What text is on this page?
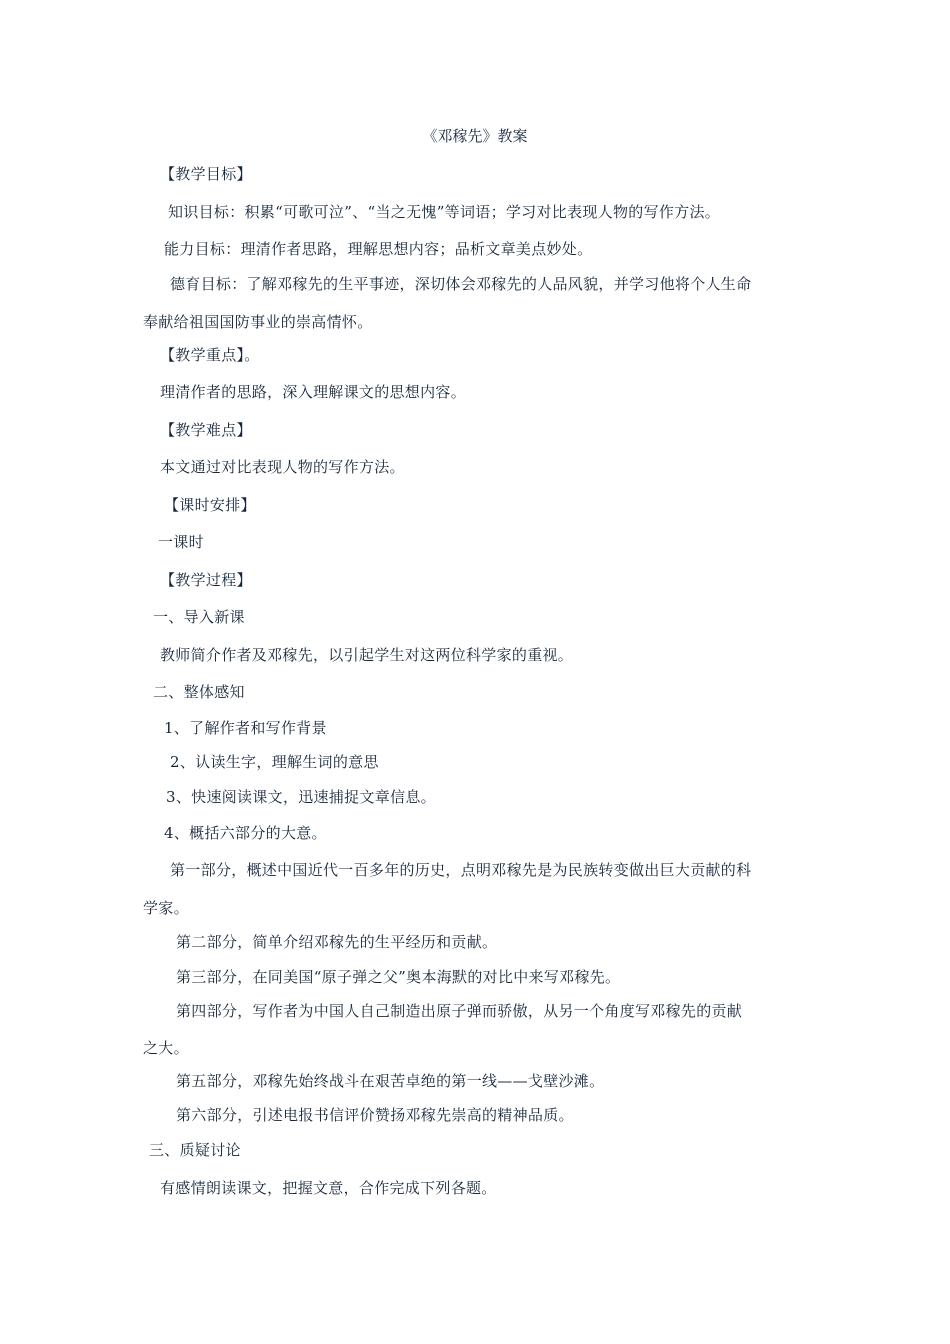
《邓稼先》教案
【教学目标】
知识目标：积累“可歌可泣”、“当之无愧”等词语；学习对比表现人物的写作方法。
能力目标：理清作者思路，理解思想内容；品析文章美点妙处。
德育目标：了解邓稼先的生平事迹，深切体会邓稼先的人品风貌，并学习他将个人生命
奉献给祖国国防事业的崇高情怀。
【教学重点】。
理清作者的思路，深入理解课文的思想内容。
【教学难点】
本文通过对比表现人物的写作方法。
【课时安排】
一课时
【教学过程】
一、导入新课
教师简介作者及邓稼先，以引起学生对这两位科学家的重视。
二、整体感知
1、了解作者和写作背景
2、认读生字，理解生词的意思
3、快速阅读课文，迅速捕捉文章信息。
4、概括六部分的大意。
第一部分，概述中国近代一百多年的历史，点明邓稼先是为民族转变做出巨大贡献的科
学家。
第二部分，简单介绍邓稼先的生平经历和贡献。
第三部分，在同美国“原子弹之父”奥本海默的对比中来写邓稼先。
第四部分，写作者为中国人自己制造出原子弹而骄傲，从另一个角度写邓稼先的贡献
之大。
第五部分，邓稼先始终战斗在艰苦卓绝的第一线——戈壁沙滩。
第六部分，引述电报书信评价赞扬邓稼先崇高的精神品质。
三、质疑讨论
有感情朗读课文，把握文意，合作完成下列各题。
